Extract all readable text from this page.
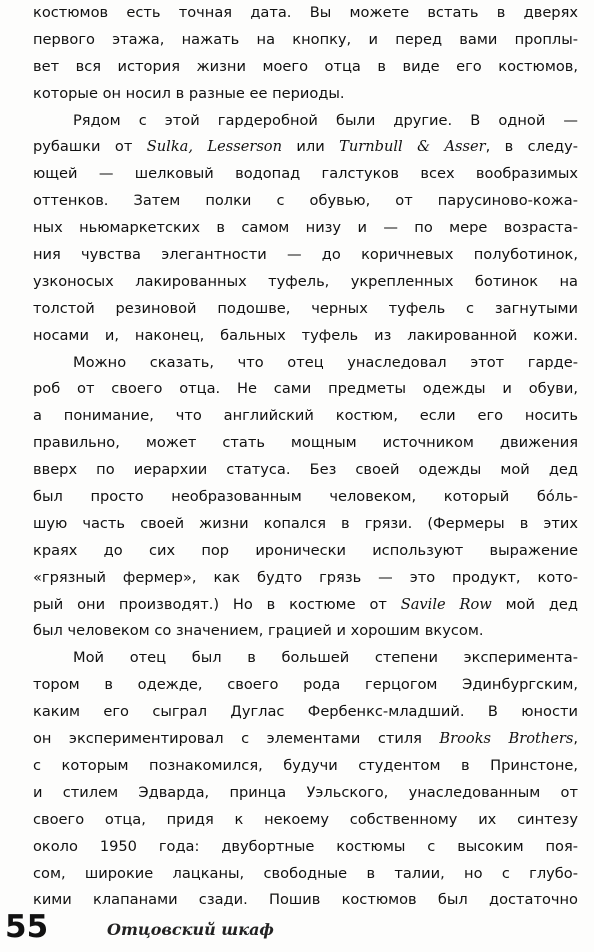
костюмов есть точная дата. Вы можете встать в дверях
первого этажа, нажать на кнопку, и перед вами проплы-
вет вся история жизни моего отца в виде его костюмов,
которые он носил в разные ее периоды.
Рядом с этой гардеробной были другие. В одной —
рубашки от Sulka, Lesserson или Turnbull & Asser, в следу-
ющей — шелковый водопад галстуков всех вообразимых
оттенков. Затем полки с обувью, от парусиново-кожа-
ных ньюмаркетских в самом низу и — по мере возраста-
ния чувства элегантности — до коричневых полуботинок,
узконосых лакированных туфель, укрепленных ботинок на
толстой резиновой подошве, черных туфель с загнутыми
носами и, наконец, бальных туфель из лакированной кожи.
Можно сказать, что отец унаследовал этот гарде-
роб от своего отца. Не сами предметы одежды и обуви,
а понимание, что английский костюм, если его носить
правильно, может стать мощным источником движения
вверх по иерархии статуса. Без своей одежды мой дед
был просто необразованным человеком, который бóль-
шую часть своей жизни копался в грязи. (Фермеры в этих
краях до сих пор иронически используют выражение
«грязный фермер», как будто грязь — это продукт, кото-
рый они производят.) Но в костюме от Savile Row мой дед
был человеком со значением, грацией и хорошим вкусом.
Мой отец был в большей степени эксперимента-
тором в одежде, своего рода герцогом Эдинбургским,
каким его сыграл Дуглас Фербенкс-младший. В юности
он экспериментировал с элементами стиля Brooks Brothers,
с которым познакомился, будучи студентом в Принстоне,
и стилем Эдварда, принца Уэльского, унаследованным от
своего отца, придя к некоему собственному их синтезу
около 1950 года: двубортные костюмы с высоким поя-
сом, широкие лацканы, свободные в талии, но с глубо-
кими клапанами сзади. Пошив костюмов был достаточно
55	Отцовский шкаф
